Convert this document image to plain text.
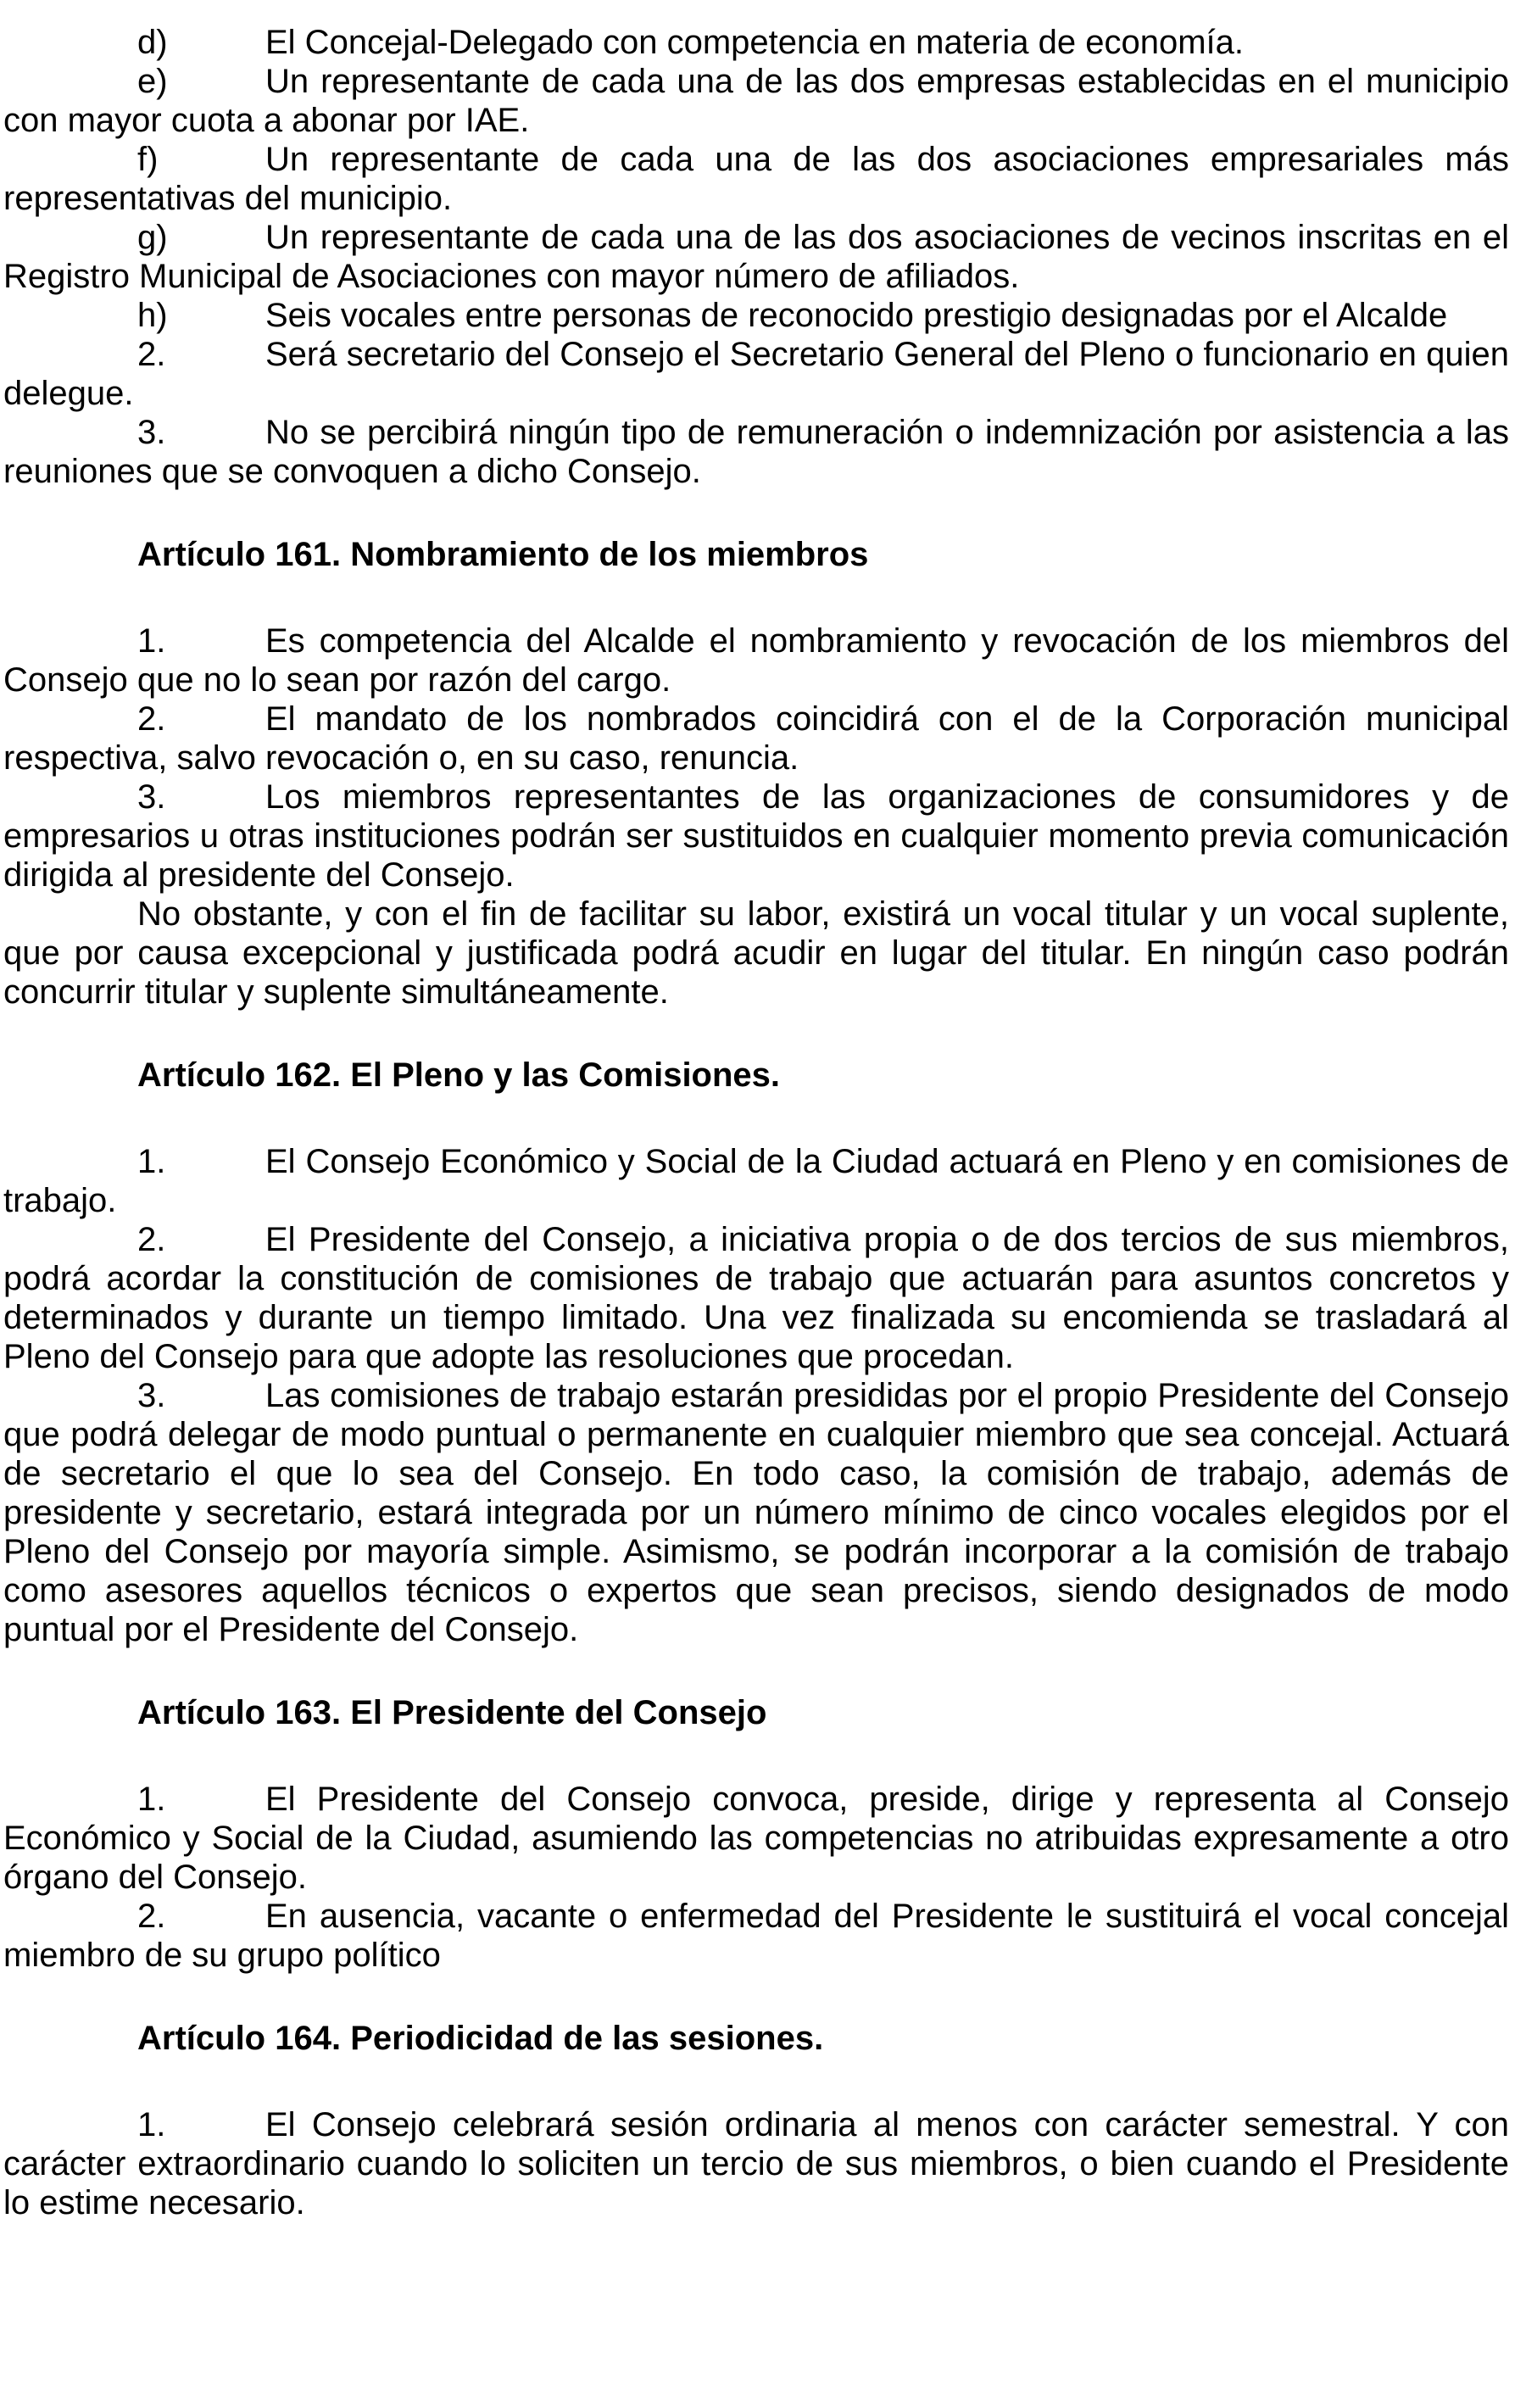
d)	El Concejal-Delegado con competencia en materia de economía.

e)	Un representante de cada una de las dos empresas establecidas en el municipio con mayor cuota a abonar por IAE.

f)	Un representante de cada una de las dos asociaciones empresariales más representativas del municipio.

g)	Un representante de cada una de las dos asociaciones de vecinos inscritas en el Registro Municipal de Asociaciones con mayor número de afiliados.

h)	Seis vocales entre personas de reconocido prestigio designadas por el Alcalde

2.	Será secretario del Consejo el Secretario General del Pleno o funcionario en quien delegue.

3.	No se percibirá ningún tipo de remuneración o indemnización por asistencia a las reuniones que se convoquen a dicho Consejo.

Artículo 161. Nombramiento de los miembros

1.	Es competencia del Alcalde el nombramiento y revocación de los miembros del Consejo que no lo sean por razón del cargo.

2.	El mandato de los nombrados coincidirá con el de la Corporación municipal respectiva, salvo revocación o, en su caso, renuncia.

3.	Los miembros representantes de las organizaciones de consumidores y de empresarios u otras instituciones podrán ser sustituidos en cualquier momento previa comunicación dirigida al presidente del Consejo.

No obstante, y con el fin de facilitar su labor, existirá un vocal titular y un vocal suplente, que por causa excepcional y justificada podrá acudir en lugar del titular. En ningún caso podrán concurrir titular y suplente simultáneamente.

Artículo 162. El Pleno y las Comisiones.

1.	El Consejo Económico y Social de la Ciudad actuará en Pleno y en comisiones de trabajo.

2.	El Presidente del Consejo, a iniciativa propia o de dos tercios de sus miembros, podrá acordar la constitución de comisiones de trabajo que actuarán para asuntos concretos y determinados y durante un tiempo limitado. Una vez finalizada su encomienda se trasladará al Pleno del Consejo para que adopte las resoluciones que procedan.

3.	Las comisiones de trabajo estarán presididas por el propio Presidente del Consejo que podrá delegar de modo puntual o permanente en cualquier miembro que sea concejal. Actuará de secretario el que lo sea del Consejo. En todo caso, la comisión de trabajo, además de presidente y secretario, estará integrada por un número mínimo de cinco vocales elegidos por el Pleno del Consejo por mayoría simple. Asimismo, se podrán incorporar a la comisión de trabajo como asesores aquellos técnicos o expertos que sean precisos, siendo designados de modo puntual por el Presidente del Consejo.

Artículo 163. El Presidente del Consejo

1.	El Presidente del Consejo convoca, preside, dirige y representa al Consejo Económico y Social de la Ciudad, asumiendo las competencias no atribuidas expresamente a otro órgano del Consejo.

2.	En ausencia, vacante o enfermedad del Presidente le sustituirá el vocal concejal miembro de su grupo político

Artículo 164. Periodicidad de las sesiones.

1.	El Consejo celebrará sesión ordinaria al menos con carácter semestral. Y con carácter extraordinario cuando lo soliciten un tercio de sus miembros, o bien cuando el Presidente lo estime necesario.
